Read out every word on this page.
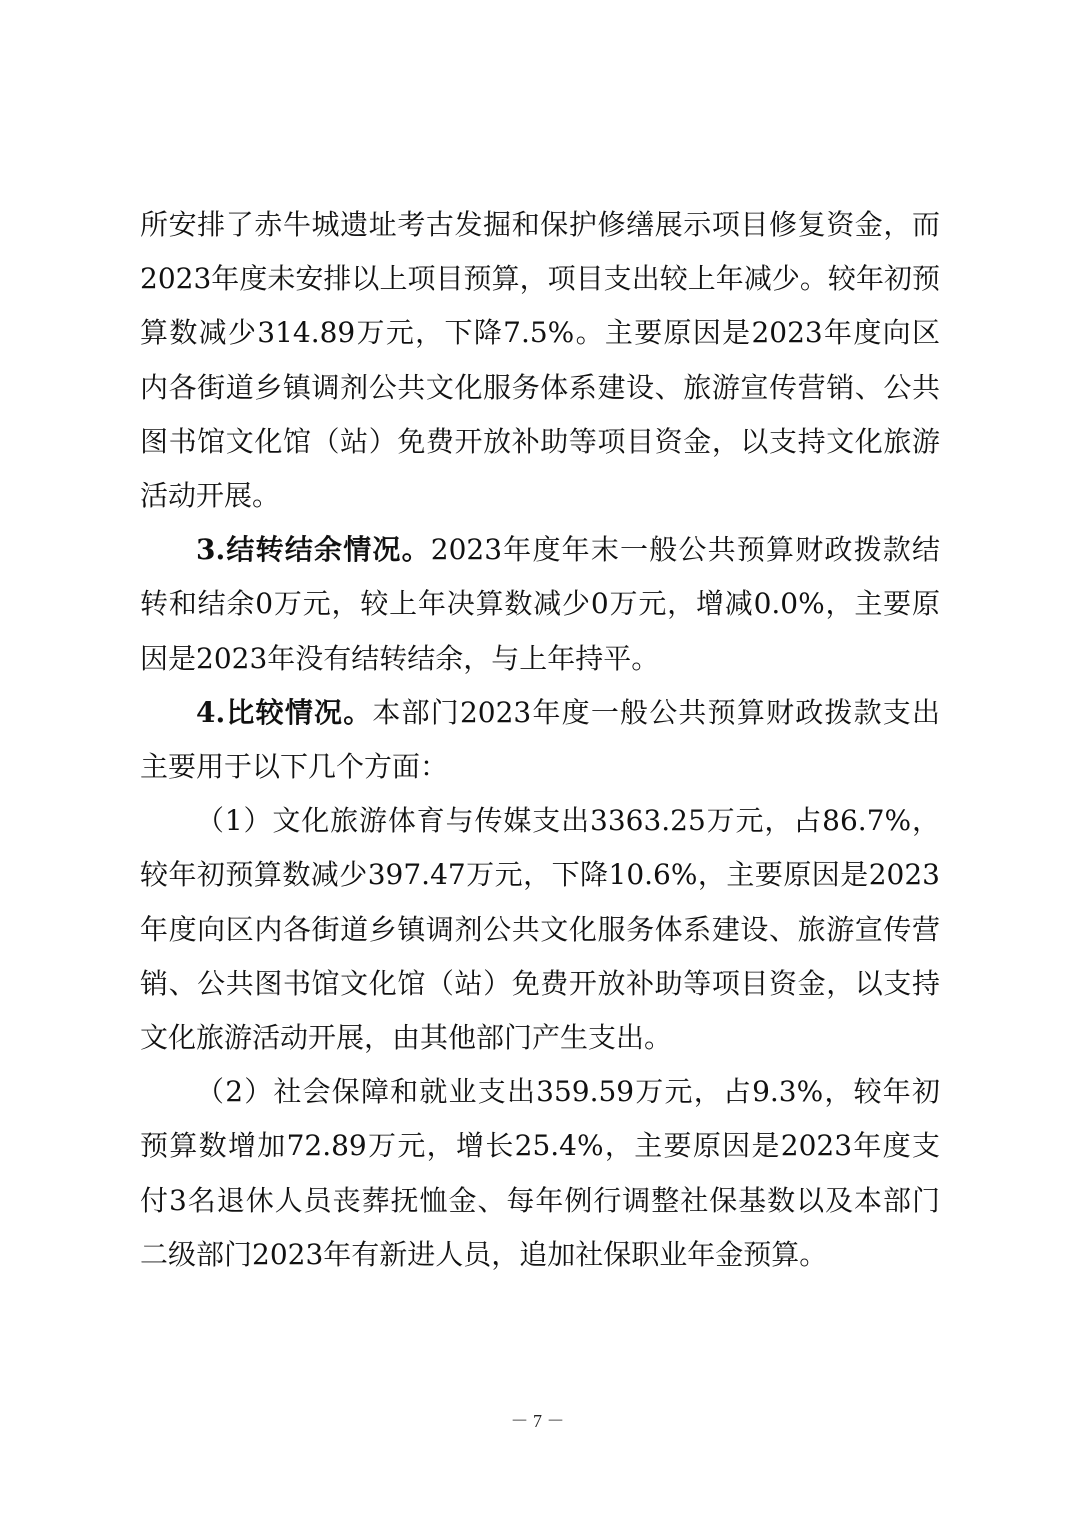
所安排了赤牛城遗址考古发掘和保护修缮展示项目修复资金，而2023年度未安排以上项目预算，项目支出较上年减少。较年初预算数减少314.89万元，下降7.5%。主要原因是2023年度向区内各街道乡镇调剂公共文化服务体系建设、旅游宣传营销、公共图书馆文化馆（站）免费开放补助等项目资金，以支持文化旅游活动开展。

3.结转结余情况。2023年度年末一般公共预算财政拨款结转和结余0万元，较上年决算数减少0万元，增减0.0%，主要原因是2023年没有结转结余，与上年持平。

4.比较情况。本部门2023年度一般公共预算财政拨款支出主要用于以下几个方面：

（1）文化旅游体育与传媒支出3363.25万元，占86.7%，较年初预算数减少397.47万元，下降10.6%，主要原因是2023年度向区内各街道乡镇调剂公共文化服务体系建设、旅游宣传营销、公共图书馆文化馆（站）免费开放补助等项目资金，以支持文化旅游活动开展，由其他部门产生支出。

（2）社会保障和就业支出359.59万元，占9.3%，较年初预算数增加72.89万元，增长25.4%，主要原因是2023年度支付3名退休人员丧葬抚恤金、每年例行调整社保基数以及本部门二级部门2023年有新进人员，追加社保职业年金预算。

－ 7 －
